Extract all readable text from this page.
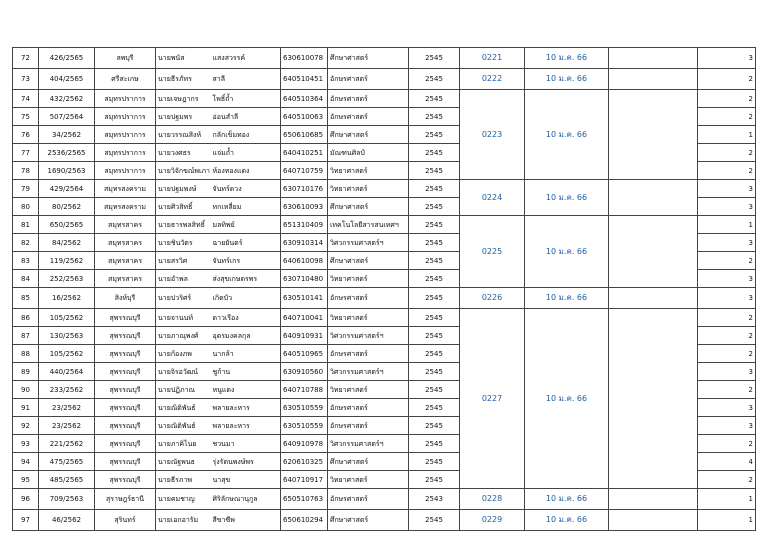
72	426/2565	ลพบุรี	นายพนัส	แสงสวรรค์	630610078	ศึกษาศาสตร์	2545	0221	10 ม.ค. 66		3
73	404/2565	ศรีสะเกษ	นายธีรภัทร	สาลี	640510451	อักษรศาสตร์	2545	0222	10 ม.ค. 66		2
74	432/2562	สมุทรปราการ	นายเจษฎากร	โพธิ์ถ้ำ	640510364	อักษรศาสตร์	2545	0223	10 ม.ค. 66		2
75	507/2564	สมุทรปราการ	นายปฐมพร	อ่อนสำลี	640510063	อักษรศาสตร์	2545				2
76	34/2562	สมุทรปราการ	นายวรรณสิงห์	กลักเข็มทอง	650610685	ศึกษาศาสตร์	2545				1
77	2536/2565	สมุทรปราการ	นายวงศธร	แจ่มถ้ำ	640410251	มัณฑนศิลป์	2545				2
78	1690/2563	สมุทรปราการ	นายวิจักขณ์พเภา	ห้องทองแดง	640710759	วิทยาศาสตร์	2545				2
79	429/2564	สมุทรสงคราม	นายปฐมพงษ์	จันทร์ดวง	630710176	วิทยาศาสตร์	2545	0224	10 ม.ค. 66		3
80	80/2562	สมุทรสงคราม	นายศิวสิทธิ์	ทกเหลี่ยม	630610093	ศึกษาศาสตร์	2545				3
81	650/2565	สมุทรสาคร	นายธารพลสิทธิ์	มลทิพย์	651310409	เทคโนโลยีสารสนเทศฯ	2545	0225	10 ม.ค. 66		1
82	84/2562	สมุทรสาคร	นายชินวัตร	ฉายยันตร์	630910314	วิศวกรรมศาสตร์ฯ	2545				3
83	119/2562	สมุทรสาคร	นายสรวิศ	จันทร์เกร	640610098	ศึกษาศาสตร์	2545				2
84	252/2563	สมุทรสาคร	นายอำพล	ส่งสุขเกษตรพร	630710480	วิทยาศาสตร์	2545				3
85	16/2562	สิงห์บุรี	นายปวริศร์	เกิดบัว	630510141	อักษรศาสตร์	2545	0226	10 ม.ค. 66		3
86	105/2562	สุพรรณบุรี	นายจานนท์	ดาวเรือง	640710041	วิทยาศาสตร์	2545	0227	10 ม.ค. 66		2
87	130/2563	สุพรรณบุรี	นายภาณุพงศ์	อุดรมงคลกุล	640910931	วิศวกรรมศาสตร์ฯ	2545				2
88	105/2562	สุพรรณบุรี	นายก้องภพ	นากล้า	640510965	อักษรศาสตร์	2545				2
89	440/2564	สุพรรณบุรี	นายจิรอวัฒน์	ชูก้าน	630910560	วิศวกรรมศาสตร์ฯ	2545				3
90	233/2562	สุพรรณบุรี	นายปฏิภาณ	หนูแดง	640710788	วิทยาศาสตร์	2545				2
91	23/2562	สุพรรณบุรี	นายณิติพันธ์	พลายละหาร	630510559	อักษรศาสตร์	2545				3
92	23/2562	สุพรรณบุรี	นายณิติพันธ์	พลายละหาร	630510559	อักษรศาสตร์	2545				3
93	221/2562	สุพรรณบุรี	นายภาคิไนย	ชวนมา	640910978	วิศวกรรมศาสตร์ฯ	2545				2
94	475/2565	สุพรรณบุรี	นายณัฐพนธ	รุ่งรัตนพงษ์พร	620610325	ศึกษาศาสตร์	2545				4
95	485/2565	สุพรรณบุรี	นายธีรภาพ	นาสุข	640710917	วิทยาศาสตร์	2545				2
96	709/2563	สุราษฎร์ธานี	นายคมชาญ	ศิริลักษณานุกูล	650510763	อักษรศาสตร์	2543	0228	10 ม.ค. 66		1
97	46/2562	สุรินทร์	นายเอกอารัม	สีขาซีพ	650610294	ศึกษาศาสตร์	2545	0229	10 ม.ค. 66		1
